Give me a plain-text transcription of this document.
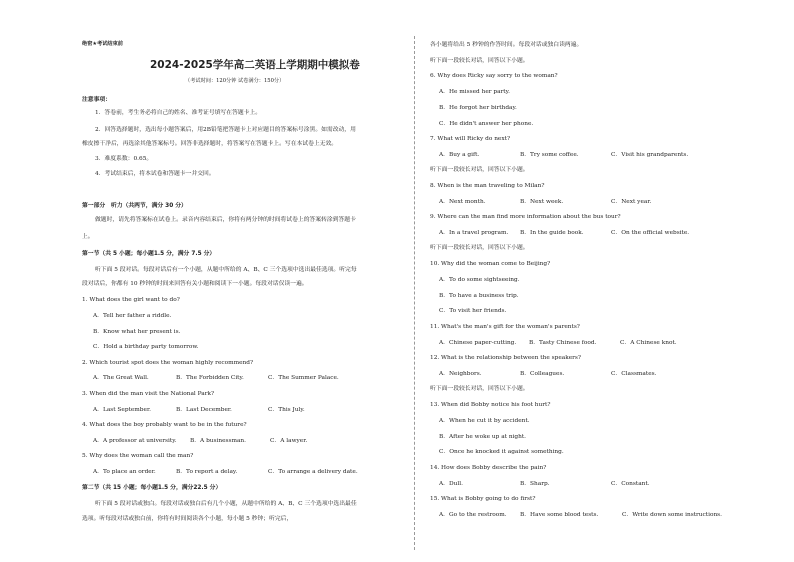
绝密★考试结束前
2024-2025学年高二英语上学期期中模拟卷
（考试时间：120分钟 试卷满分：150分）
注意事项：
1．答卷前，考生务必将自己的姓名、准考证号填写在答题卡上。
2．回答选择题时，选出每小题答案后，用2B铅笔把答题卡上对应题目的答案标号涂黑。如需改动，用
橡皮擦干净后，再选涂其他答案标号。回答非选择题时，将答案写在答题卡上。写在本试卷上无效。
3．难度系数：0.65。
4．考试结束后，将本试卷和答题卡一并交回。
第一部分　听力（共两节，满分 30 分）
做题时，请先将答案标在试卷上。录音内容结束后，你将有两分钟的时间将试卷上的答案转涂到答题卡
上。
第一节（共 5 小题；每小题1.5 分，满分 7.5 分）
听下面 5 段对话。每段对话后有一个小题，从题中所给的 A、B、C 三个选项中选出最佳选项。听完每
段对话后，你都有 10 秒钟的时间来回答有关小题和阅读下一小题。每段对话仅读一遍。
1. What does the girl want to do?
A．Tell her father a riddle.
B．Know what her present is.
C．Hold a birthday party tomorrow.
2. Which tourist spot does the woman highly recommend?
A．The Great Wall.	B．The Forbidden City.	C．The Summer Palace.
3. When did the man visit the National Park?
A．Last September.	B．Last December.	C．This July.
4. What does the boy probably want to be in the future?
A．A professor at university. B．A businessman.	C．A lawyer.
5. Why does the woman call the man?
A．To place an order.	B．To report a delay.	C．To arrange a delivery date.
第二节（共 15 小题；每小题1.5 分，满分22.5 分）
听下面 5 段对话或独白。每段对话或独白后有几个小题，从题中所给的 A、B、C 三个选项中选出最佳
选项。听每段对话或独白前，你将有时间阅读各个小题，每小题 5 秒钟；听完后，
各小题将给出 5 秒钟的作答时间。每段对话或独白读两遍。
听下面一段较长对话，回答以下小题。
6. Why does Ricky say sorry to the woman?
A．He missed her party.
B．He forgot her birthday.
C．He didn't answer her phone.
7. What will Ricky do next?
A．Buy a gift.	B．Try some coffee.	C．Visit his grandparents.
听下面一段较长对话，回答以下小题。
8. When is the man traveling to Milan?
A．Next month.	B．Next week.	C．Next year.
9. Where can the man find more information about the bus tour?
A．In a travel program. B．In the guide book.	C．On the official website.
听下面一段较长对话，回答以下小题。
10. Why did the woman come to Beijing?
A．To do some sightseeing.
B．To have a business trip.
C．To visit her friends.
11. What's the man's gift for the woman's parents?
A．Chinese paper-cutting. B．Tasty Chinese food.	C．A Chinese knot.
12. What is the relationship between the speakers?
A．Neighbors.	B．Colleagues.	C．Classmates.
听下面一段较长对话，回答以下小题。
13. When did Bobby notice his foot hurt?
A．When he cut it by accident.
B．After he woke up at night.
C．Once he knocked it against something.
14. How does Bobby describe the pain?
A．Dull.	B．Sharp.	C．Constant.
15. What is Bobby going to do first?
A．Go to the restroom. B．Have some blood tests.	C．Write down some instructions.
